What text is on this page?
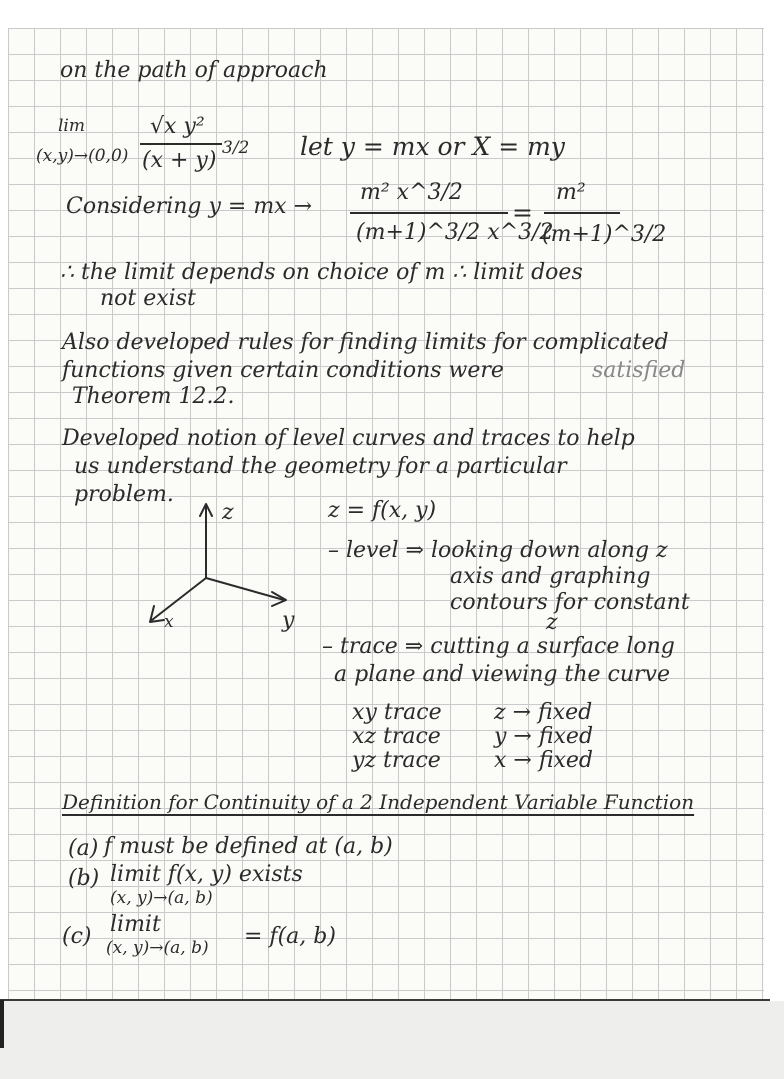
on the path of approach
lim
(x,y)→(0,0)
√x y²
(x + y) 3/2 let y = mx or X = my
Considering y = mx →
m² x^3/2
(m+1)^3/2 x^3/2
=
m²
(m+1)^3/2
∴ the limit depends on choice of m ∴ limit does
not exist
Also developed rules for finding limits for complicated
functions given certain conditions were	satisfied
Theorem 12.2.
Developed notion of level curves and traces to help
us understand the geometry for a particular
problem.
z
y
x
z = f(x, y)
– level ⇒ looking down along z
axis and graphing
contours for constant
z
– trace ⇒ cutting a surface long
a plane and viewing the curve
xy trace z → fixed
xz trace y → fixed
yz trace x → fixed
Definition for Continuity of a 2 Independent Variable Function
(a) f must be defined at (a, b)
(b) limit f(x, y) exists
(x, y)→(a, b)
(c) limit
(x, y)→(a, b) = f(a, b)
